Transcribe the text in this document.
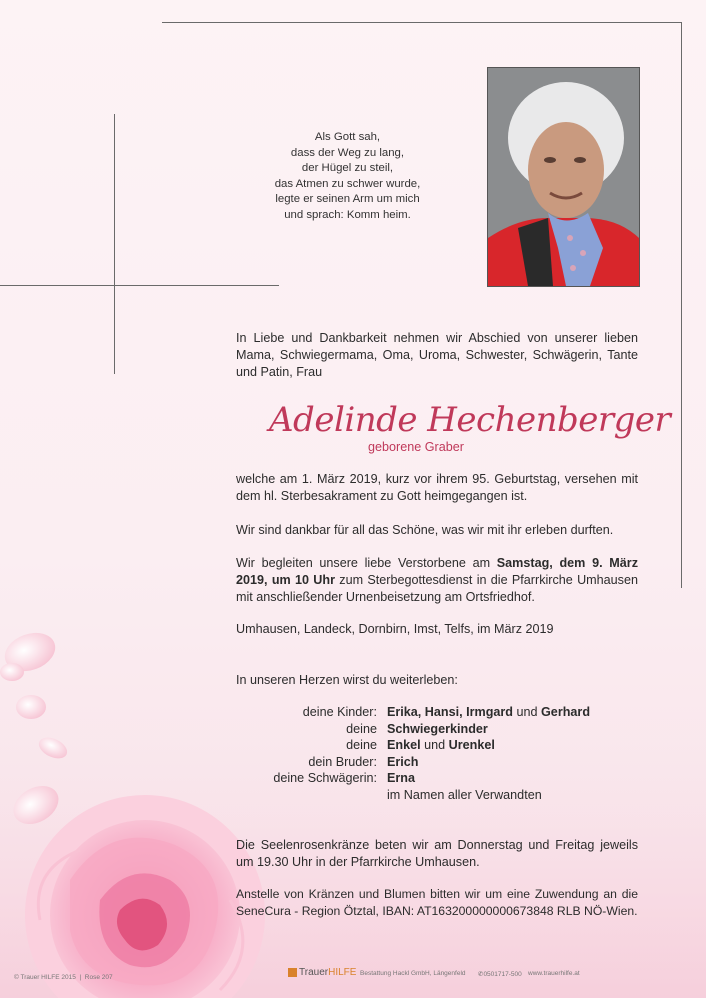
Als Gott sah,
dass der Weg zu lang,
der Hügel zu steil,
das Atmen zu schwer wurde,
legte er seinen Arm um mich
und sprach: Komm heim.
In Liebe und Dankbarkeit nehmen wir Abschied von unserer lieben Mama, Schwiegermama, Oma, Uroma, Schwester, Schwägerin, Tante und Patin, Frau
Adelinde Hechenberger
geborene Graber
welche am 1. März 2019, kurz vor ihrem 95. Geburtstag, versehen mit dem hl. Sterbesakrament zu Gott heimgegangen ist.
Wir sind dankbar für all das Schöne, was wir mit ihr erleben durften.
Wir begleiten unsere liebe Verstorbene am Samstag, dem 9. März 2019, um 10 Uhr zum Sterbegottesdienst in die Pfarrkirche Umhausen mit anschließender Urnenbeisetzung am Ortsfriedhof.
Umhausen, Landeck, Dornbirn, Imst, Telfs, im März 2019
In unseren Herzen wirst du weiterleben:
deine Kinder: Erika, Hansi, Irmgard und Gerhard
deine Schwiegerkinder
deine Enkel und Urenkel
dein Bruder: Erich
deine Schwägerin: Erna
im Namen aller Verwandten
Die Seelenrosenkränze beten wir am Donnerstag und Freitag jeweils um 19.30 Uhr in der Pfarrkirche Umhausen.
Anstelle von Kränzen und Blumen bitten wir um eine Zuwendung an die SeneCura - Region Ötztal, IBAN: AT163200000000673848 RLB NÖ-Wien.
© Trauer HILFE 2015  |  Rose 207	TrauerHILFE Bestattung Hackl GmbH, Längenfeld ✆0501717-500 www.trauerhilfe.at
